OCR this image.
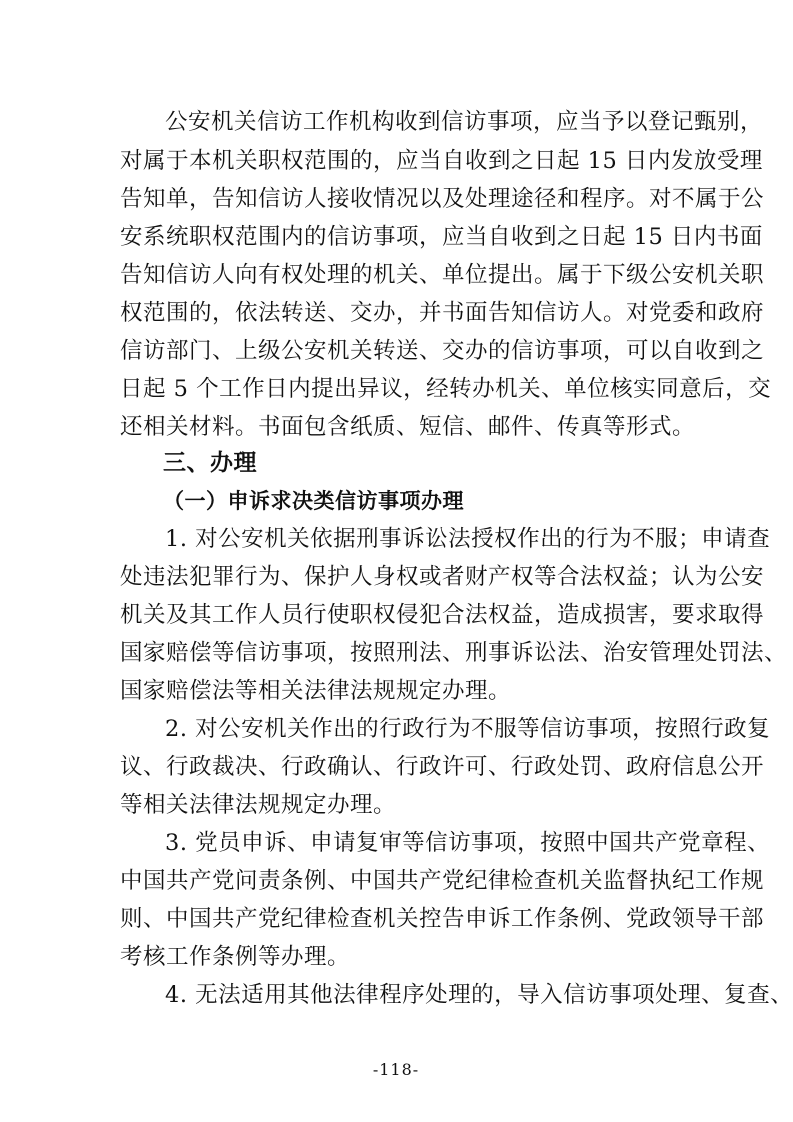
公安机关信访工作机构收到信访事项，应当予以登记甄别，
对属于本机关职权范围的，应当自收到之日起 15 日内发放受理
告知单，告知信访人接收情况以及处理途径和程序。对不属于公
安系统职权范围内的信访事项，应当自收到之日起 15 日内书面
告知信访人向有权处理的机关、单位提出。属于下级公安机关职
权范围的，依法转送、交办，并书面告知信访人。对党委和政府
信访部门、上级公安机关转送、交办的信访事项，可以自收到之
日起 5 个工作日内提出异议，经转办机关、单位核实同意后，交
还相关材料。书面包含纸质、短信、邮件、传真等形式。
三、办理
（一）申诉求决类信访事项办理
1. 对公安机关依据刑事诉讼法授权作出的行为不服；申请查
处违法犯罪行为、保护人身权或者财产权等合法权益；认为公安
机关及其工作人员行使职权侵犯合法权益，造成损害，要求取得
国家赔偿等信访事项，按照刑法、刑事诉讼法、治安管理处罚法、
国家赔偿法等相关法律法规规定办理。
2. 对公安机关作出的行政行为不服等信访事项，按照行政复
议、行政裁决、行政确认、行政许可、行政处罚、政府信息公开
等相关法律法规规定办理。
3. 党员申诉、申请复审等信访事项，按照中国共产党章程、
中国共产党问责条例、中国共产党纪律检查机关监督执纪工作规
则、中国共产党纪律检查机关控告申诉工作条例、党政领导干部
考核工作条例等办理。
4. 无法适用其他法律程序处理的，导入信访事项处理、复查、
-118-
